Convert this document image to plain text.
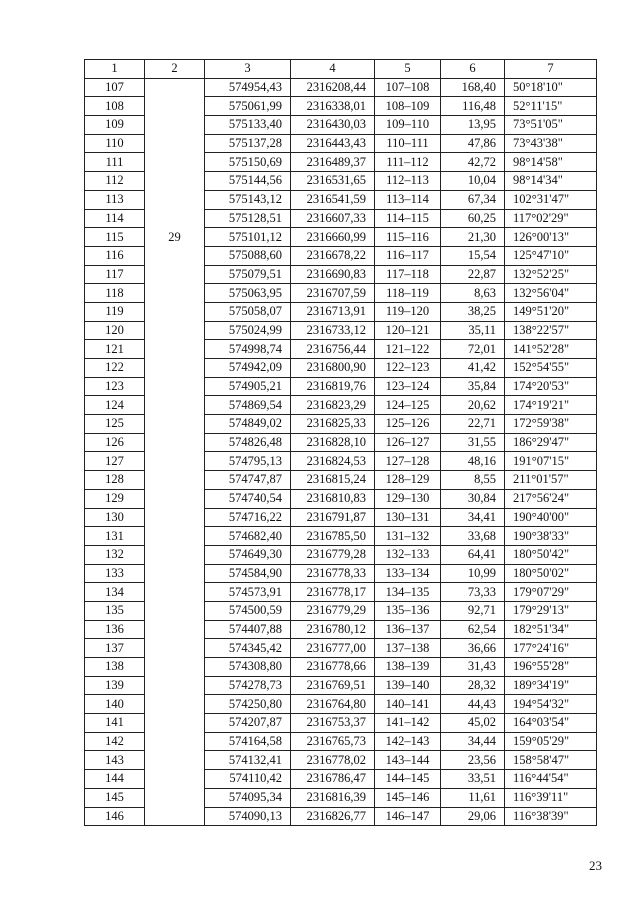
1	2	3	4	5	6	7
107		574954,43	2316208,44	107–108	168,40	50°18'10"
108		575061,99	2316338,01	108–109	116,48	52°11'15"
109		575133,40	2316430,03	109–110	13,95	73°51'05"
110		575137,28	2316443,43	110–111	47,86	73°43'38"
111		575150,69	2316489,37	111–112	42,72	98°14'58"
112		575144,56	2316531,65	112–113	10,04	98°14'34"
113		575143,12	2316541,59	113–114	67,34	102°31'47"
114		575128,51	2316607,33	114–115	60,25	117°02'29"
115	29	575101,12	2316660,99	115–116	21,30	126°00'13"
116		575088,60	2316678,22	116–117	15,54	125°47'10"
117		575079,51	2316690,83	117–118	22,87	132°52'25"
118		575063,95	2316707,59	118–119	8,63	132°56'04"
119		575058,07	2316713,91	119–120	38,25	149°51'20"
120		575024,99	2316733,12	120–121	35,11	138°22'57"
121		574998,74	2316756,44	121–122	72,01	141°52'28"
122		574942,09	2316800,90	122–123	41,42	152°54'55"
123		574905,21	2316819,76	123–124	35,84	174°20'53"
124		574869,54	2316823,29	124–125	20,62	174°19'21"
125		574849,02	2316825,33	125–126	22,71	172°59'38"
126		574826,48	2316828,10	126–127	31,55	186°29'47"
127		574795,13	2316824,53	127–128	48,16	191°07'15"
128		574747,87	2316815,24	128–129	8,55	211°01'57"
129		574740,54	2316810,83	129–130	30,84	217°56'24"
130		574716,22	2316791,87	130–131	34,41	190°40'00"
131		574682,40	2316785,50	131–132	33,68	190°38'33"
132		574649,30	2316779,28	132–133	64,41	180°50'42"
133		574584,90	2316778,33	133–134	10,99	180°50'02"
134		574573,91	2316778,17	134–135	73,33	179°07'29"
135		574500,59	2316779,29	135–136	92,71	179°29'13"
136		574407,88	2316780,12	136–137	62,54	182°51'34"
137		574345,42	2316777,00	137–138	36,66	177°24'16"
138		574308,80	2316778,66	138–139	31,43	196°55'28"
139		574278,73	2316769,51	139–140	28,32	189°34'19"
140		574250,80	2316764,80	140–141	44,43	194°54'32"
141		574207,87	2316753,37	141–142	45,02	164°03'54"
142		574164,58	2316765,73	142–143	34,44	159°05'29"
143		574132,41	2316778,02	143–144	23,56	158°58'47"
144		574110,42	2316786,47	144–145	33,51	116°44'54"
145		574095,34	2316816,39	145–146	11,61	116°39'11"
146		574090,13	2316826,77	146–147	29,06	116°38'39"
23
